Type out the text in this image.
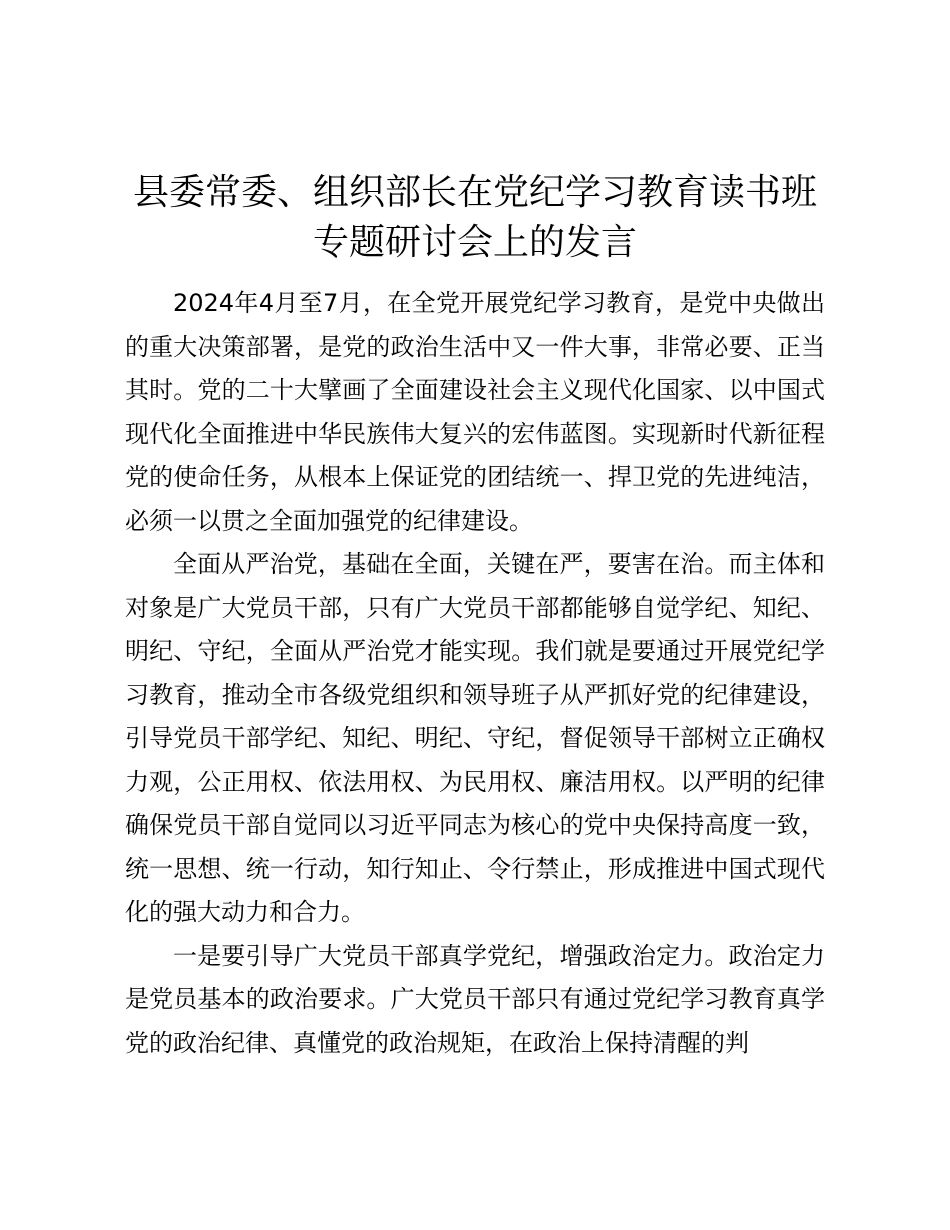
县委常委、组织部长在党纪学习教育读书班专题研讨会上的发言

2024年4月至7月，在全党开展党纪学习教育，是党中央做出的重大决策部署，是党的政治生活中又一件大事，非常必要、正当其时。党的二十大擘画了全面建设社会主义现代化国家、以中国式现代化全面推进中华民族伟大复兴的宏伟蓝图。实现新时代新征程党的使命任务，从根本上保证党的团结统一、捍卫党的先进纯洁，必须一以贯之全面加强党的纪律建设。

全面从严治党，基础在全面，关键在严，要害在治。而主体和对象是广大党员干部，只有广大党员干部都能够自觉学纪、知纪、明纪、守纪，全面从严治党才能实现。我们就是要通过开展党纪学习教育，推动全市各级党组织和领导班子从严抓好党的纪律建设，引导党员干部学纪、知纪、明纪、守纪，督促领导干部树立正确权力观，公正用权、依法用权、为民用权、廉洁用权。以严明的纪律确保党员干部自觉同以习近平同志为核心的党中央保持高度一致，统一思想、统一行动，知行知止、令行禁止，形成推进中国式现代化的强大动力和合力。

一是要引导广大党员干部真学党纪，增强政治定力。政治定力是党员基本的政治要求。广大党员干部只有通过党纪学习教育真学党的政治纪律、真懂党的政治规矩，在政治上保持清醒的判
